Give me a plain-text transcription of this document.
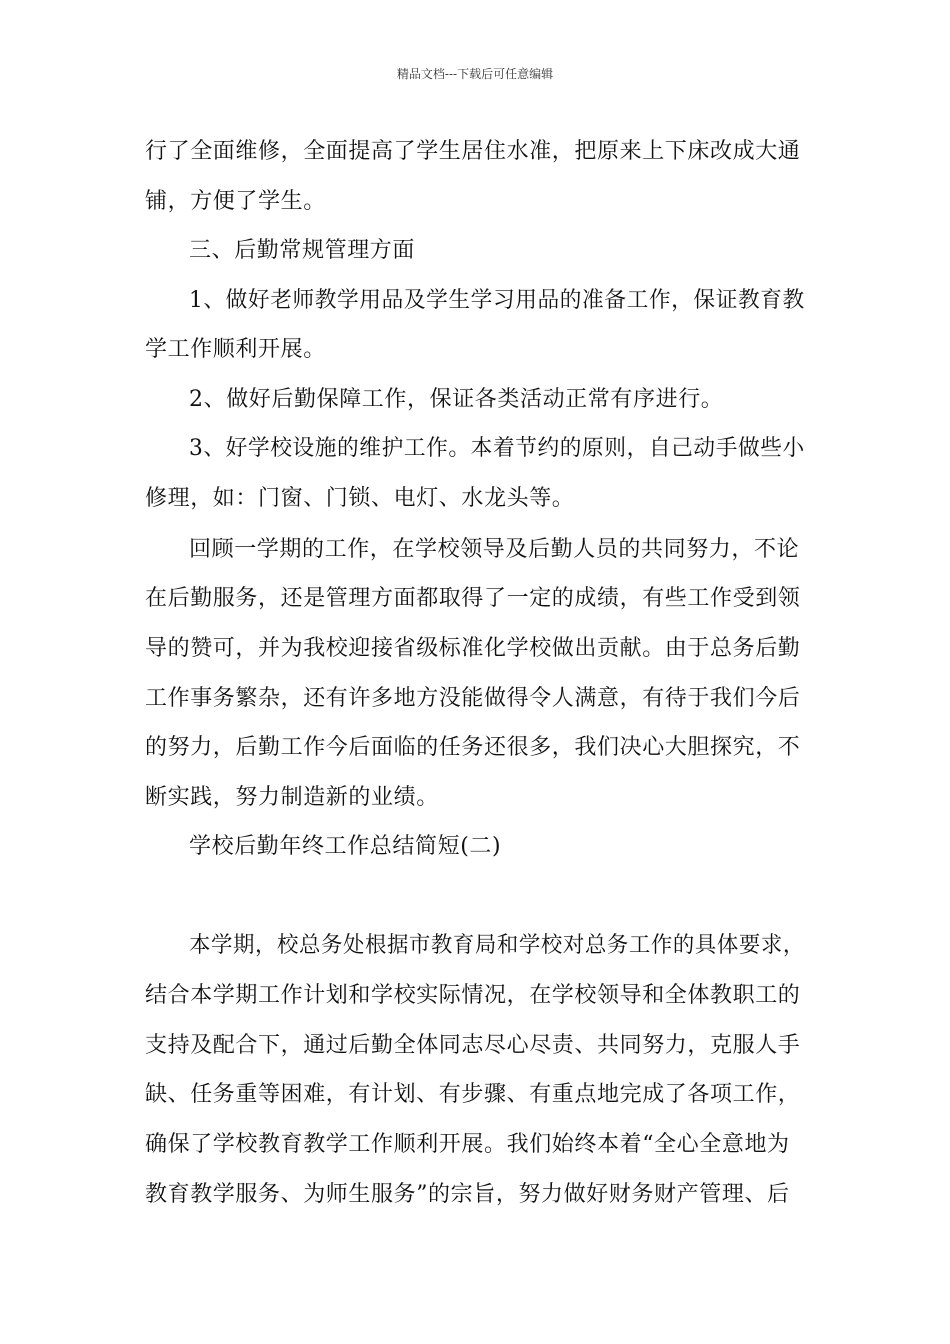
精品文档---下载后可任意编辑
行了全面维修，全面提高了学生居住水准，把原来上下床改成大通
铺，方便了学生。
三、后勤常规管理方面
1、做好老师教学用品及学生学习用品的准备工作，保证教育教
学工作顺利开展。
2、做好后勤保障工作，保证各类活动正常有序进行。
3、好学校设施的维护工作。本着节约的原则，自己动手做些小
修理，如：门窗、门锁、电灯、水龙头等。
回顾一学期的工作，在学校领导及后勤人员的共同努力，不论
在后勤服务，还是管理方面都取得了一定的成绩，有些工作受到领
导的赞可，并为我校迎接省级标准化学校做出贡献。由于总务后勤
工作事务繁杂，还有许多地方没能做得令人满意，有待于我们今后
的努力，后勤工作今后面临的任务还很多，我们决心大胆探究，不
断实践，努力制造新的业绩。
学校后勤年终工作总结简短(二)
本学期，校总务处根据市教育局和学校对总务工作的具体要求，
结合本学期工作计划和学校实际情况，在学校领导和全体教职工的
支持及配合下，通过后勤全体同志尽心尽责、共同努力，克服人手
缺、任务重等困难，有计划、有步骤、有重点地完成了各项工作，
确保了学校教育教学工作顺利开展。我们始终本着“全心全意地为
教育教学服务、为师生服务”的宗旨，努力做好财务财产管理、后
